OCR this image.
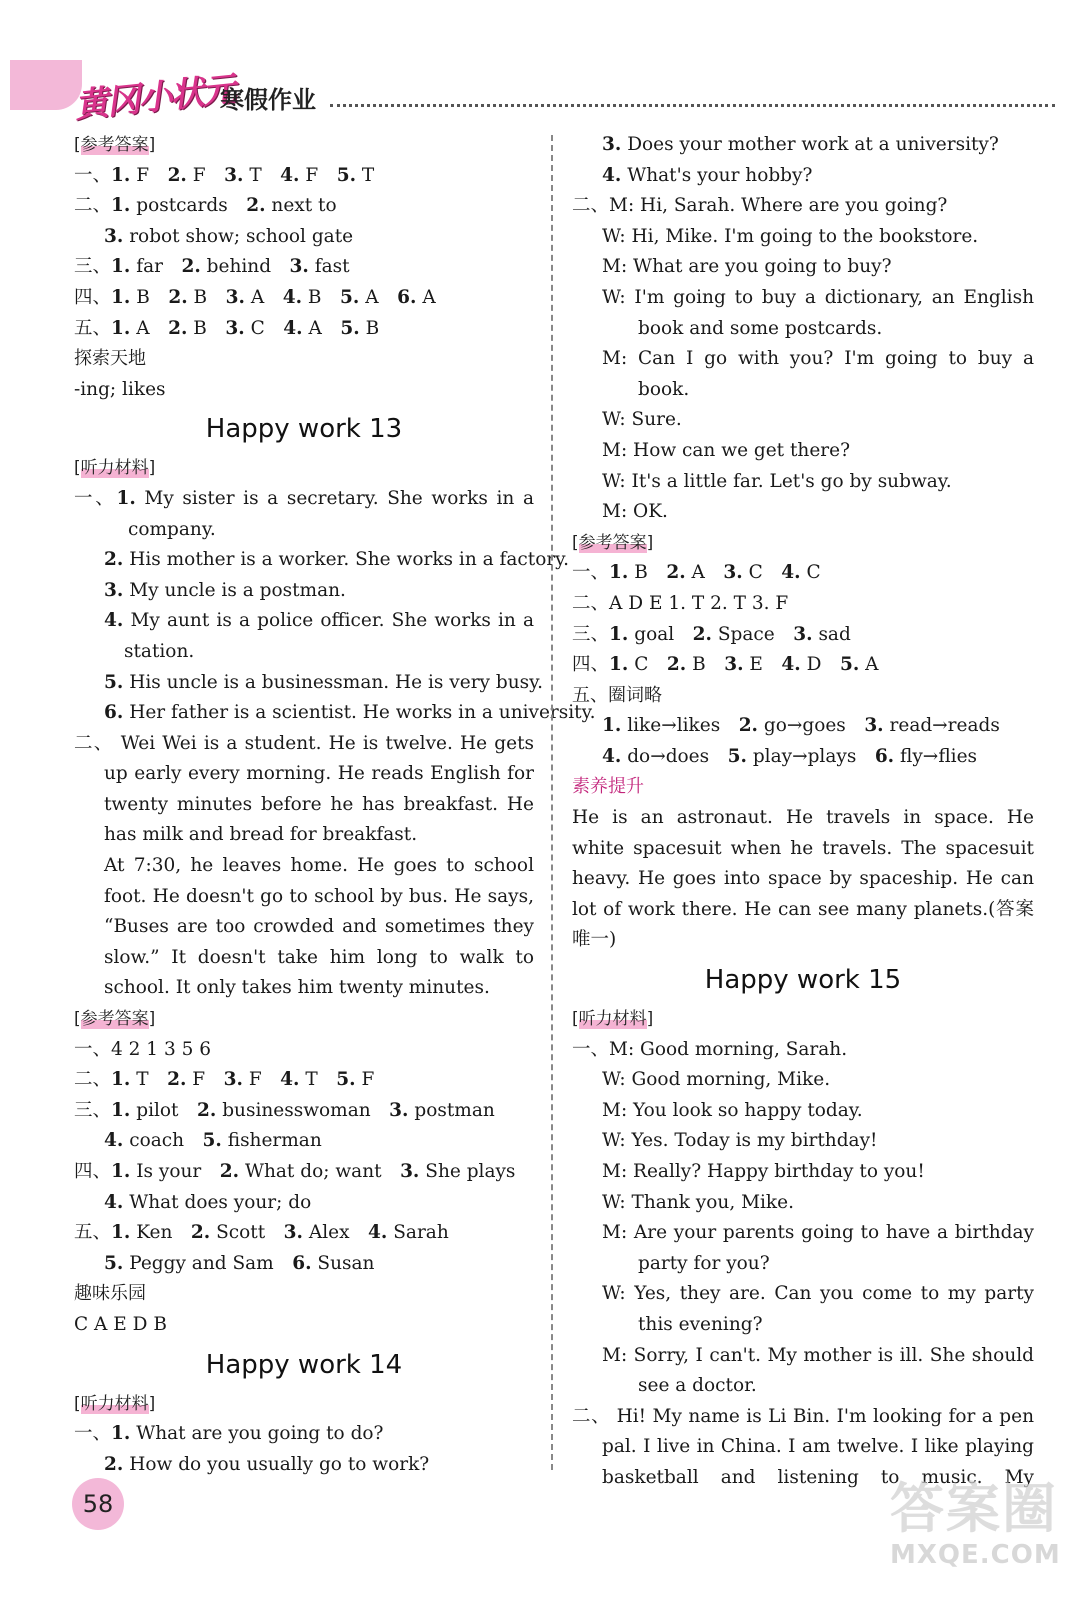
黄冈小状元
寒假作业
[参考答案]
一、1. F  2. F  3. T  4. F  5. T
二、1. postcards  2. next to
3. robot show; school gate
三、1. far  2. behind  3. fast
四、1. B  2. B  3. A  4. B  5. A  6. A
五、1. A  2. B  3. C  4. A  5. B
探索天地
-ing; likes
Happy work 13
[听力材料]
一、1. My sister is a secretary. She works in a
company.
2. His mother is a worker. She works in a factory.
3. My uncle is a postman.
4. My aunt is a police officer. She works in a
station.
5. His uncle is a businessman. He is very busy.
6. Her father is a scientist. He works in a university.
二、 Wei Wei is a student. He is twelve. He gets
up early every morning. He reads English for
twenty minutes before he has breakfast. He
has milk and bread for breakfast.
At 7:30, he leaves home. He goes to school
foot. He doesn't go to school by bus. He says,
“Buses are too crowded and sometimes they
slow.” It doesn't take him long to walk to
school. It only takes him twenty minutes.
[参考答案]
一、4 2 1 3 5 6
二、1. T  2. F  3. F  4. T  5. F
三、1. pilot  2. businesswoman  3. postman
4. coach  5. fisherman
四、1. Is your  2. What do; want  3. She plays
4. What does your; do
五、1. Ken  2. Scott  3. Alex  4. Sarah
5. Peggy and Sam  6. Susan
趣味乐园
C A E D B
Happy work 14
[听力材料]
一、1. What are you going to do?
2. How do you usually go to work?
3. Does your mother work at a university?
4. What's your hobby?
二、M: Hi, Sarah. Where are you going?
W: Hi, Mike. I'm going to the bookstore.
M: What are you going to buy?
W: I'm going to buy a dictionary, an English
book and some postcards.
M: Can I go with you? I'm going to buy a
book.
W: Sure.
M: How can we get there?
W: It's a little far. Let's go by subway.
M: OK.
[参考答案]
一、1. B  2. A  3. C  4. C
二、A D E 1. T 2. T 3. F
三、1. goal  2. Space  3. sad
四、1. C  2. B  3. E  4. D  5. A
五、圈词略
1. like→likes  2. go→goes  3. read→reads
4. do→does  5. play→plays  6. fly→flies
素养提升
He is an astronaut. He travels in space. He
white spacesuit when he travels. The spacesuit
heavy. He goes into space by spaceship. He can
lot of work there. He can see many planets.(答案
唯一)
Happy work 15
[听力材料]
一、M: Good morning, Sarah.
W: Good morning, Mike.
M: You look so happy today.
W: Yes. Today is my birthday!
M: Really? Happy birthday to you!
W: Thank you, Mike.
M: Are your parents going to have a birthday
party for you?
W: Yes, they are. Can you come to my party
this evening?
M: Sorry, I can't. My mother is ill. She should
see a doctor.
二、 Hi! My name is Li Bin. I'm looking for a pen
pal. I live in China. I am twelve. I like playing
basketball and listening to music. My
58	答案圈
MXQE.COM
